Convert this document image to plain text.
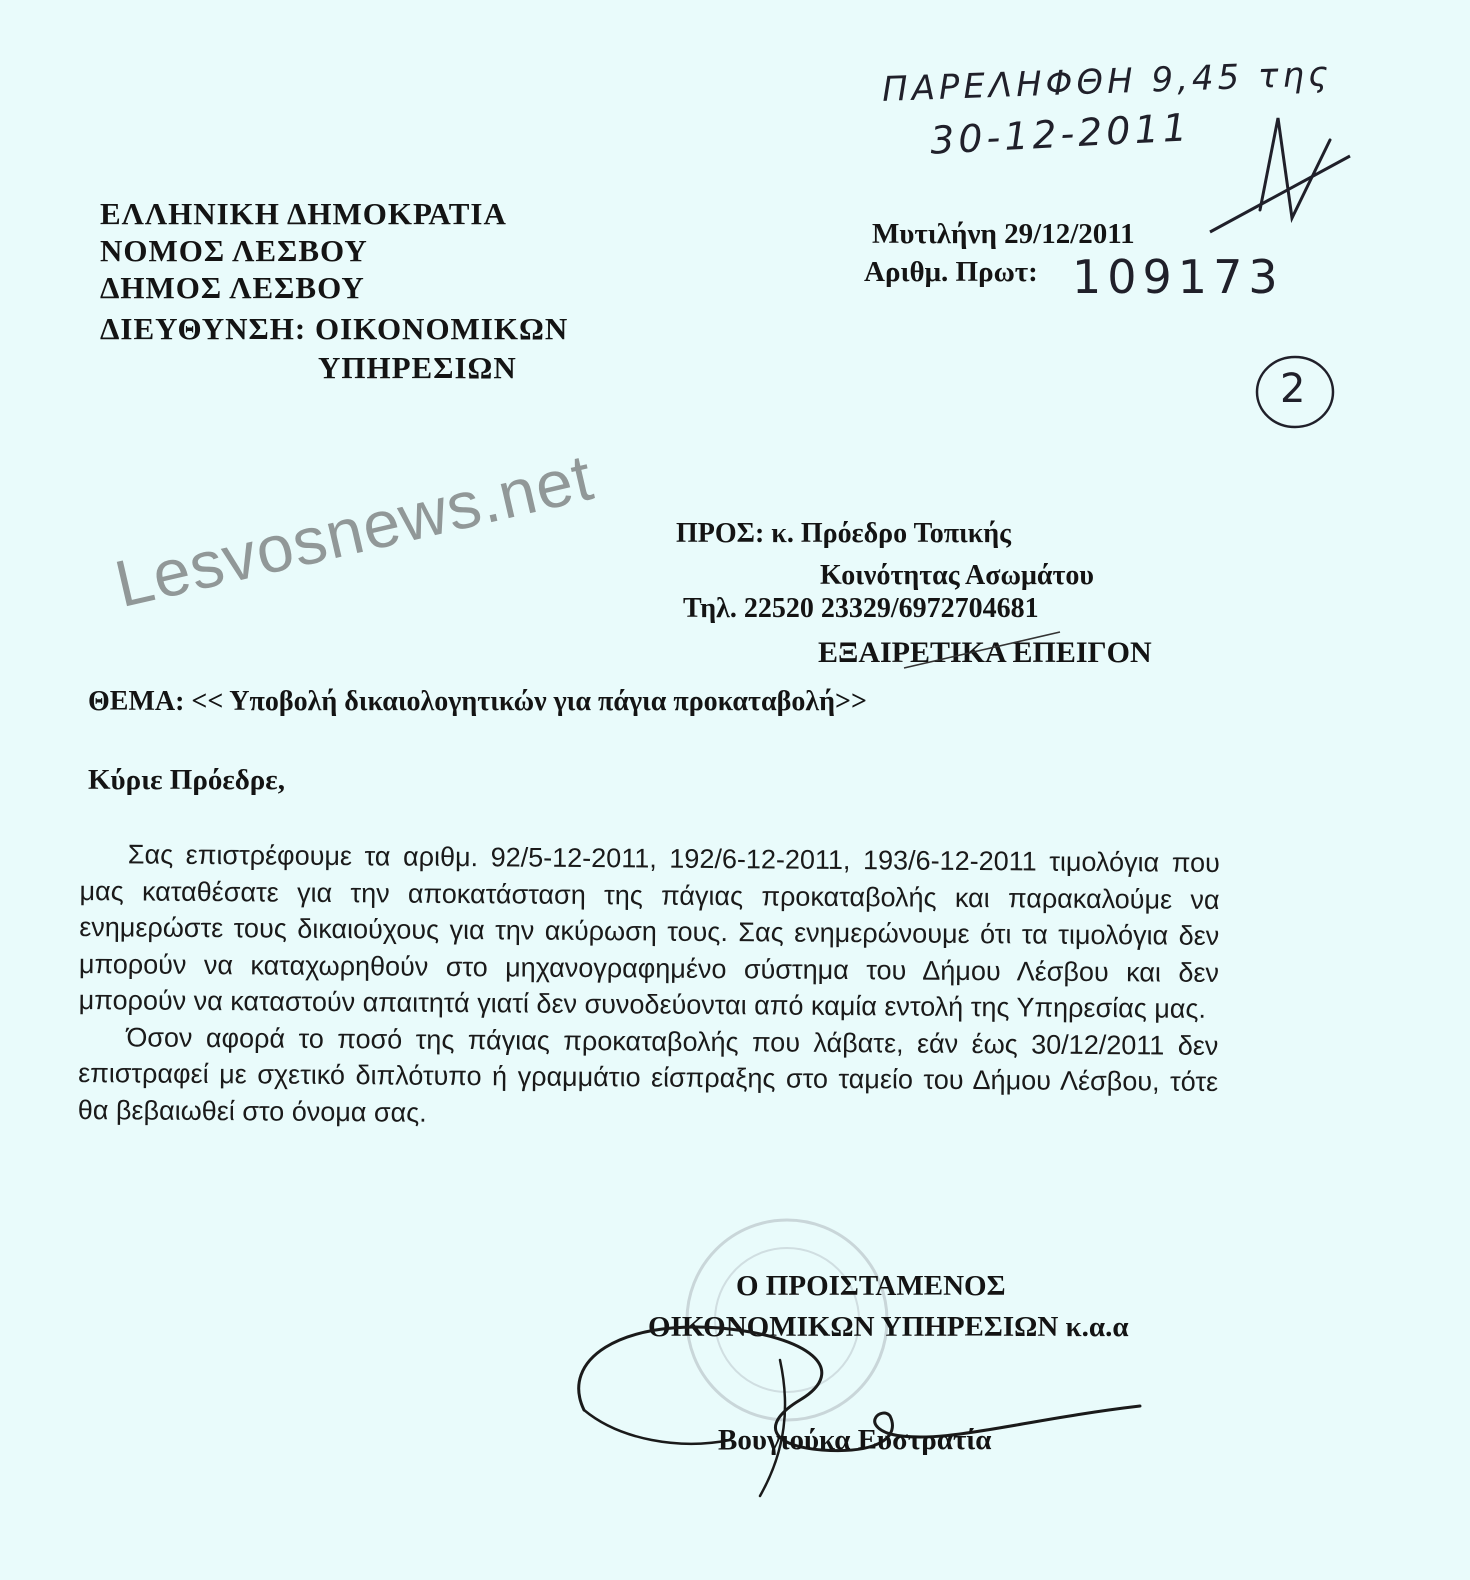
ΠΑΡΕΛΗΦΘΗ 9,45 της
30-12-2011
ΕΛΛΗΝΙΚΗ ΔΗΜΟΚΡΑΤΙΑ
ΝΟΜΟΣ ΛΕΣΒΟΥ
ΔΗΜΟΣ ΛΕΣΒΟΥ
ΔΙΕΥΘΥΝΣΗ: ΟΙΚΟΝΟΜΙΚΩΝ
ΥΠΗΡΕΣΙΩΝ
Μυτιλήνη 29/12/2011
Αριθμ. Πρωτ: 109173
2
Lesvosnews.net	ΠΡΟΣ: κ. Πρόεδρο Τοπικής
Κοινότητας Ασωμάτου
Τηλ. 22520 23329/6972704681
ΕΞΑΙΡΕΤΙΚΑ ΕΠΕΙΓΟΝ
ΘΕΜΑ: << Υποβολή δικαιολογητικών για πάγια προκαταβολή>>
Κύριε Πρόεδρε,

Σας επιστρέφουμε τα αριθμ. 92/5-12-2011, 192/6-12-2011, 193/6-12-2011 τιμολόγια που μας καταθέσατε για την αποκατάσταση της πάγιας προκαταβολής και παρακαλούμε να ενημερώστε τους δικαιούχους για την ακύρωση τους. Σας ενημερώνουμε ότι τα τιμολόγια δεν μπορούν να καταχωρηθούν στο μηχανογραφημένο σύστημα του Δήμου Λέσβου και δεν μπορούν να καταστούν απαιτητά γιατί δεν συνοδεύονται από καμία εντολή της Υπηρεσίας μας.

Όσον αφορά το ποσό της πάγιας προκαταβολής που λάβατε, εάν έως 30/12/2011 δεν επιστραφεί με σχετικό διπλότυπο ή γραμμάτιο είσπραξης στο ταμείο του Δήμου Λέσβου, τότε θα βεβαιωθεί στο όνομα σας.

Ο ΠΡΟΙΣΤΑΜΕΝΟΣ
ΟΙΚΟΝΟΜΙΚΩΝ ΥΠΗΡΕΣΙΩΝ κ.α.α
Βουγιούκα Ευστρατία
